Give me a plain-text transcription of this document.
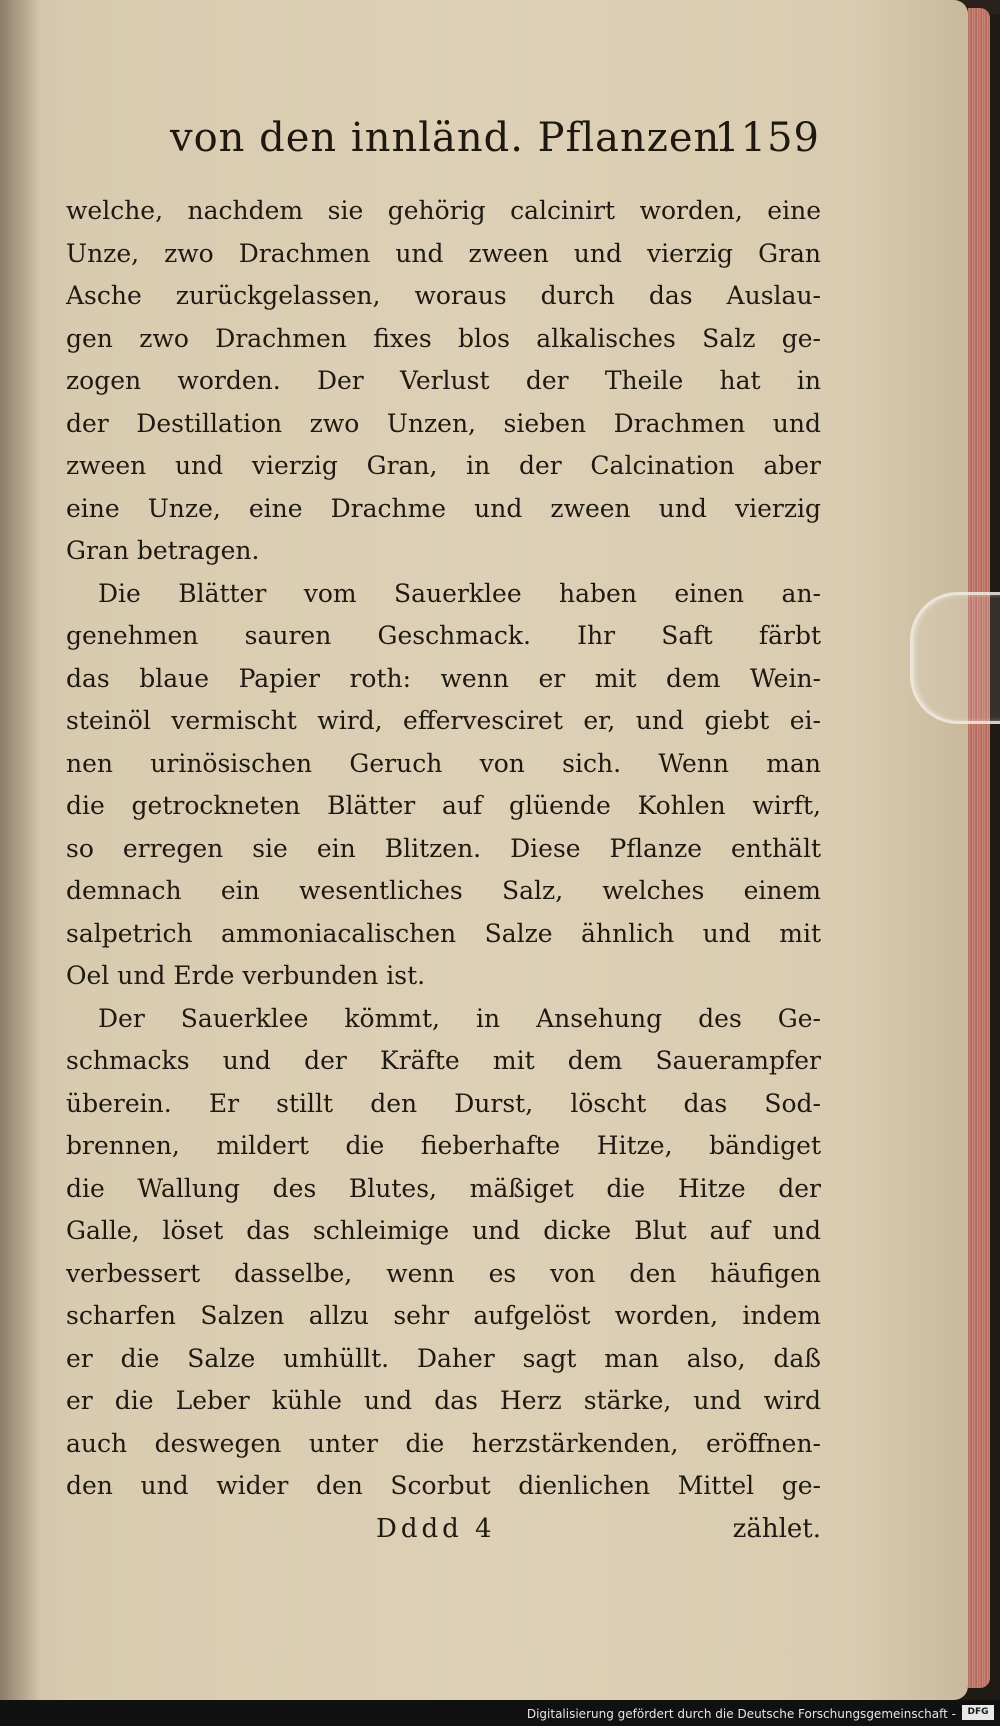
von den innländ. Pflanzen.
1159
welche, nachdem sie gehörig calcinirt worden, eine
Unze, zwo Drachmen und zween und vierzig Gran
Asche zurückgelassen, woraus durch das Auslau-
gen zwo Drachmen fixes blos alkalisches Salz ge-
zogen worden. Der Verlust der Theile hat in
der Destillation zwo Unzen, sieben Drachmen und
zween und vierzig Gran, in der Calcination aber
eine Unze, eine Drachme und zween und vierzig
Gran betragen.
Die Blätter vom Sauerklee haben einen an-
genehmen sauren Geschmack. Ihr Saft färbt
das blaue Papier roth: wenn er mit dem Wein-
steinöl vermischt wird, effervesciret er, und giebt ei-
nen urinösischen Geruch von sich. Wenn man
die getrockneten Blätter auf glüende Kohlen wirft,
so erregen sie ein Blitzen. Diese Pflanze enthält
demnach ein wesentliches Salz, welches einem
salpetrich ammoniacalischen Salze ähnlich und mit
Oel und Erde verbunden ist.
Der Sauerklee kömmt, in Ansehung des Ge-
schmacks und der Kräfte mit dem Sauerampfer
überein. Er stillt den Durst, löscht das Sod-
brennen, mildert die fieberhafte Hitze, bändiget
die Wallung des Blutes, mäßiget die Hitze der
Galle, löset das schleimige und dicke Blut auf und
verbessert dasselbe, wenn es von den häufigen
scharfen Salzen allzu sehr aufgelöst worden, indem
er die Salze umhüllt. Daher sagt man also, daß
er die Leber kühle und das Herz stärke, und wird
auch deswegen unter die herzstärkenden, eröffnen-
den und wider den Scorbut dienlichen Mittel ge-
Dddd 4	zählet.
Digitalisierung gefördert durch die Deutsche Forschungsgemeinschaft -	DFG
